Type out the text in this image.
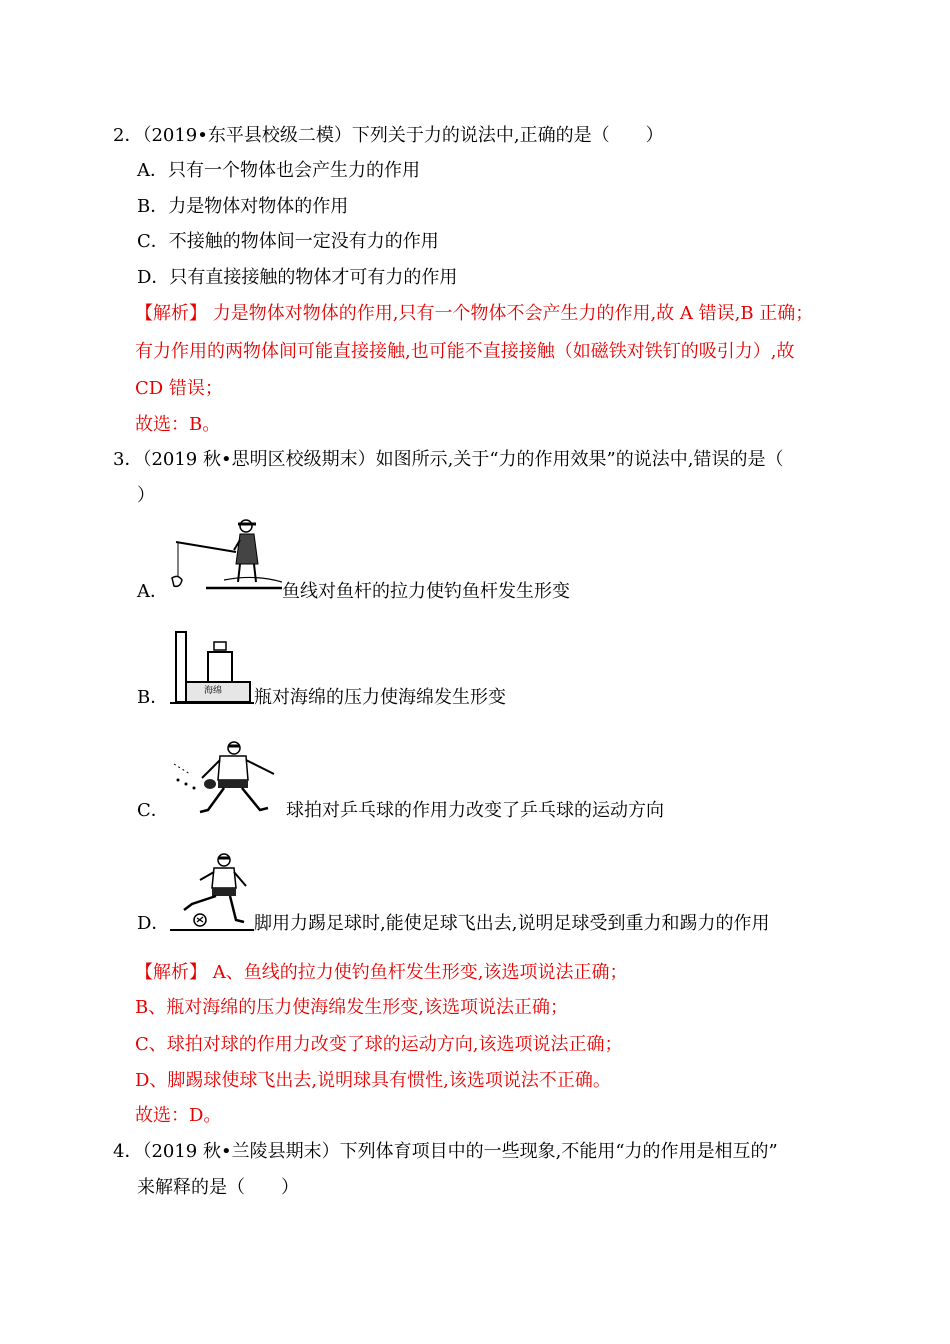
2．（2019•东平县校级二模）下列关于力的说法中,正确的是（　　）
A．只有一个物体也会产生力的作用
B．力是物体对物体的作用
C．不接触的物体间一定没有力的作用
D．只有直接接触的物体才可有力的作用
【解析】 力是物体对物体的作用,只有一个物体不会产生力的作用,故 A 错误,B 正确；
有力作用的两物体间可能直接接触,也可能不直接接触（如磁铁对铁钉的吸引力）,故
CD 错误；
故选：B。
3．（2019 秋•思明区校级期末）如图所示,关于“力的作用效果”的说法中,错误的是（
）
A．	鱼线对鱼杆的拉力使钓鱼杆发生形变
B．	海绵 瓶对海绵的压力使海绵发生形变
C．	球拍对乒乓球的作用力改变了乒乓球的运动方向
D．	脚用力踢足球时,能使足球飞出去,说明足球受到重力和踢力的作用
【解析】 A、鱼线的拉力使钓鱼杆发生形变,该选项说法正确；
B、瓶对海绵的压力使海绵发生形变,该选项说法正确；
C、球拍对球的作用力改变了球的运动方向,该选项说法正确；
D、脚踢球使球飞出去,说明球具有惯性,该选项说法不正确。
故选：D。
4．（2019 秋•兰陵县期末）下列体育项目中的一些现象,不能用“力的作用是相互的”
来解释的是（　　）
